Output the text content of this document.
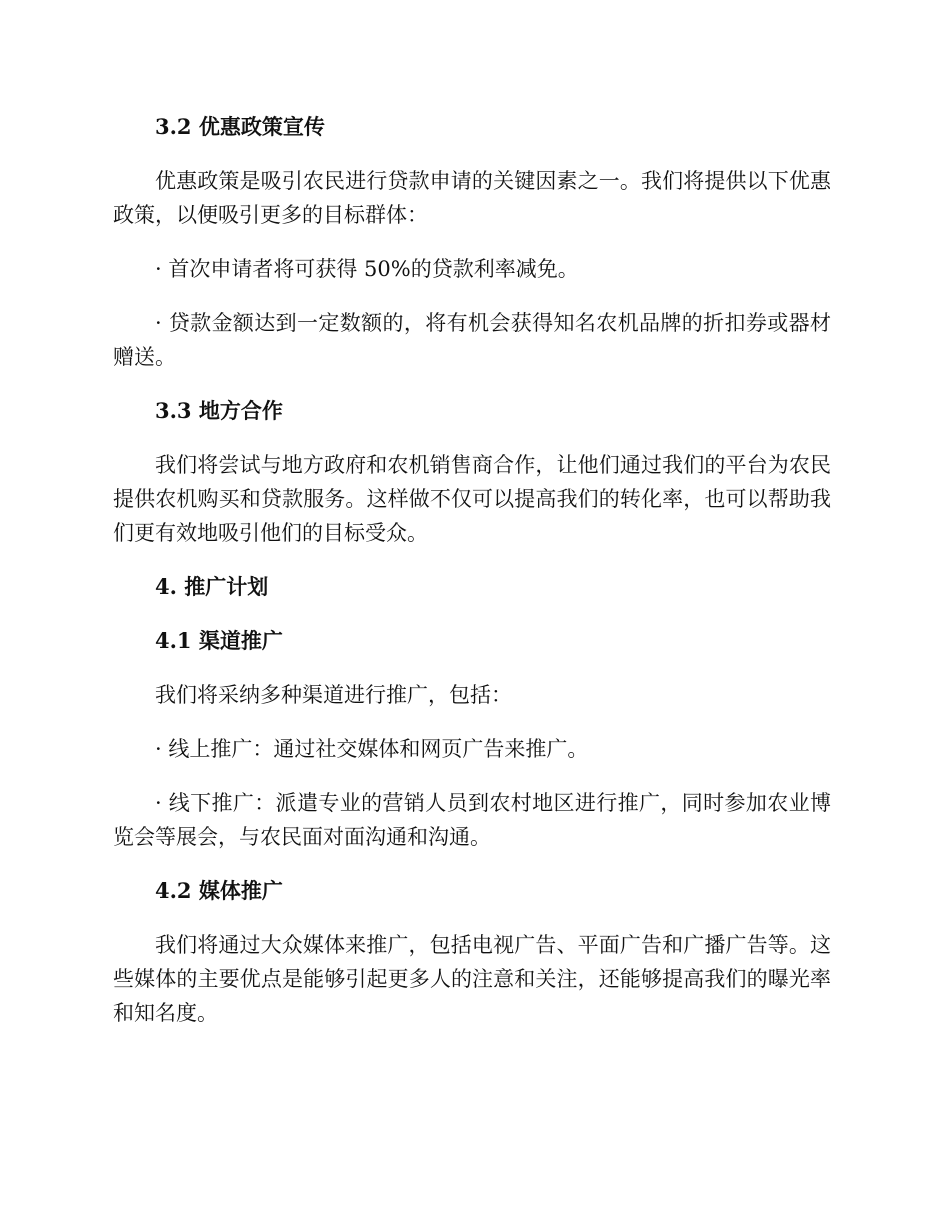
3.2 优惠政策宣传
优惠政策是吸引农民进行贷款申请的关键因素之一。我们将提供以下优惠政策，以便吸引更多的目标群体：
· 首次申请者将可获得 50%的贷款利率减免。
· 贷款金额达到一定数额的，将有机会获得知名农机品牌的折扣券或器材赠送。
3.3 地方合作
我们将尝试与地方政府和农机销售商合作，让他们通过我们的平台为农民提供农机购买和贷款服务。这样做不仅可以提高我们的转化率，也可以帮助我们更有效地吸引他们的目标受众。
4. 推广计划
4.1 渠道推广
我们将采纳多种渠道进行推广，包括：
· 线上推广：通过社交媒体和网页广告来推广。
· 线下推广：派遣专业的营销人员到农村地区进行推广，同时参加农业博览会等展会，与农民面对面沟通和沟通。
4.2 媒体推广
我们将通过大众媒体来推广，包括电视广告、平面广告和广播广告等。这些媒体的主要优点是能够引起更多人的注意和关注，还能够提高我们的曝光率和知名度。
